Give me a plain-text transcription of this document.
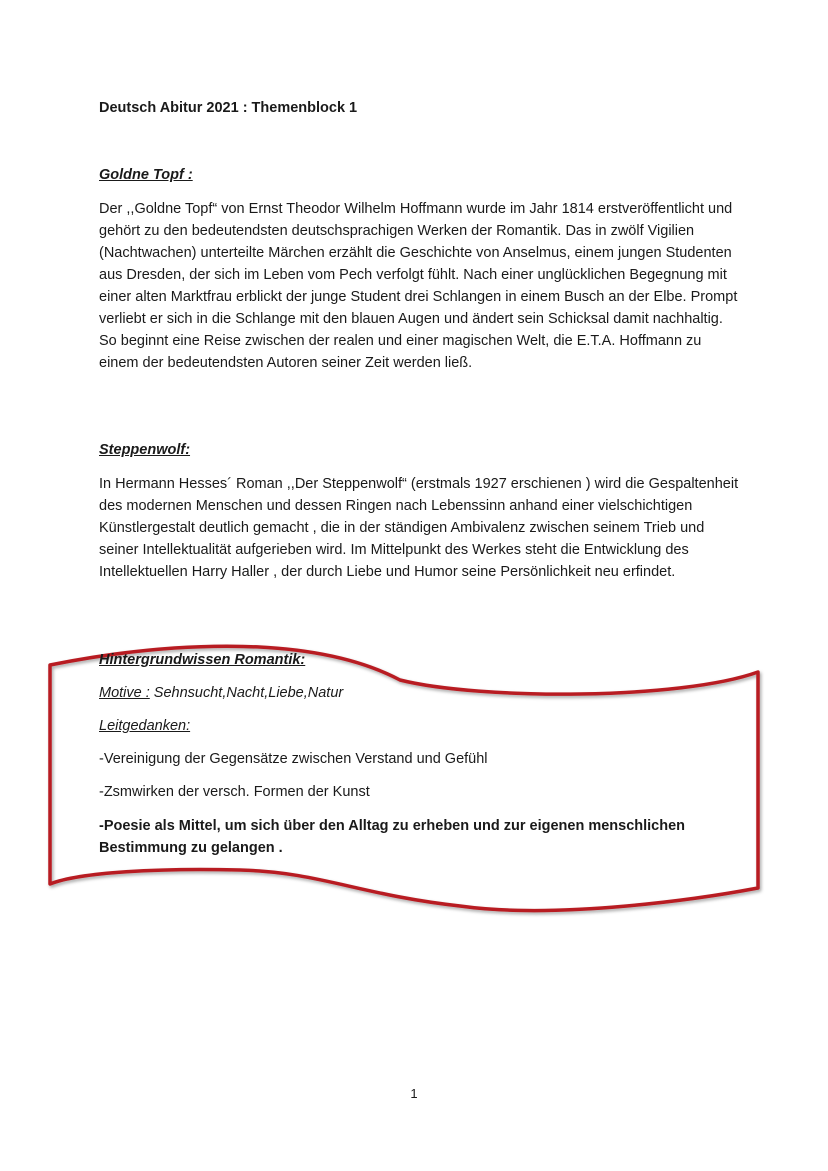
Deutsch Abitur 2021 : Themenblock 1

Goldne Topf :

Der ,,Goldne Topf“ von Ernst Theodor Wilhelm Hoffmann wurde im Jahr 1814 erstveröffentlicht und gehört zu den bedeutendsten deutschsprachigen Werken der Romantik. Das in zwölf Vigilien (Nachtwachen) unterteilte Märchen erzählt die Geschichte von Anselmus, einem jungen Studenten aus Dresden, der sich im Leben vom Pech verfolgt fühlt. Nach einer unglücklichen Begegnung mit einer alten Marktfrau erblickt der junge Student drei Schlangen in einem Busch an der Elbe. Prompt verliebt er sich in die Schlange mit den blauen Augen und ändert sein Schicksal damit nachhaltig. So beginnt eine Reise zwischen der realen und einer magischen Welt, die E.T.A. Hoffmann zu einem der bedeutendsten Autoren seiner Zeit werden ließ.

Steppenwolf:

In Hermann Hesses´ Roman ,,Der Steppenwolf“ (erstmals 1927 erschienen ) wird die Gespaltenheit des modernen Menschen und dessen Ringen nach Lebenssinn anhand einer vielschichtigen Künstlergestalt deutlich gemacht , die in der ständigen Ambivalenz zwischen seinem Trieb und seiner Intellektualität aufgerieben wird. Im Mittelpunkt des Werkes steht die Entwicklung des Intellektuellen Harry Haller , der durch Liebe und Humor seine Persönlichkeit neu erfindet.

Hintergrundwissen Romantik:

Motive : Sehnsucht,Nacht,Liebe,Natur

Leitgedanken:

-Vereinigung der Gegensätze zwischen Verstand und Gefühl

-Zsmwirken der versch. Formen der Kunst

-Poesie als Mittel, um sich über den Alltag zu erheben und zur eigenen menschlichen Bestimmung zu gelangen .

1
